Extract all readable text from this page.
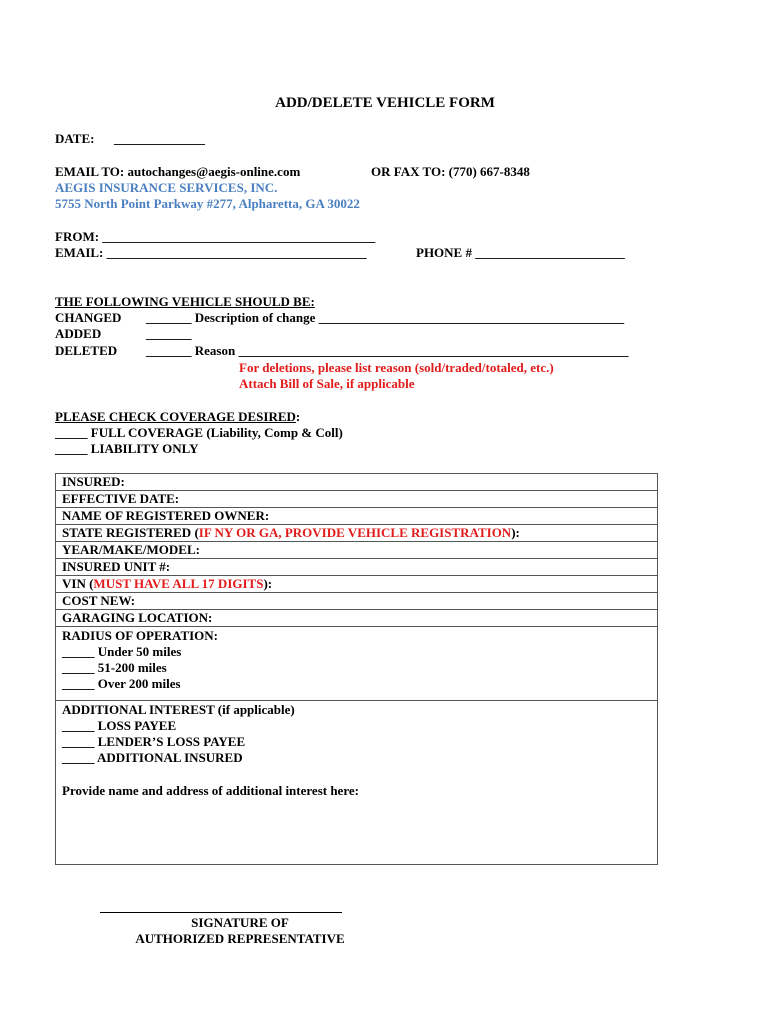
ADD/DELETE VEHICLE FORM
DATE: ______________
EMAIL TO: autochanges@aegis-online.com	OR FAX TO: (770) 667-8348
AEGIS INSURANCE SERVICES, INC.
5755 North Point Parkway #277, Alpharetta, GA 30022
FROM: __________________________________________
EMAIL: ________________________________________	PHONE # _______________________
THE FOLLOWING VEHICLE SHOULD BE:
CHANGED
ADDED
DELETED
_______ Description of change _______________________________________________
_______
_______ Reason ____________________________________________________________
For deletions, please list reason (sold/traded/totaled, etc.)
Attach Bill of Sale, if applicable
PLEASE CHECK COVERAGE DESIRED:
_____ FULL COVERAGE (Liability, Comp & Coll)
_____ LIABILITY ONLY
INSURED:
EFFECTIVE DATE:
NAME OF REGISTERED OWNER:
STATE REGISTERED (IF NY OR GA, PROVIDE VEHICLE REGISTRATION):
YEAR/MAKE/MODEL:
INSURED UNIT #:
VIN (MUST HAVE ALL 17 DIGITS):
COST NEW:
GARAGING LOCATION:
RADIUS OF OPERATION:
_____ Under 50 miles
_____ 51-200 miles
_____ Over 200 miles
ADDITIONAL INTEREST (if applicable)
_____ LOSS PAYEE
_____ LENDER’S LOSS PAYEE
_____ ADDITIONAL INSURED
Provide name and address of additional interest here:
SIGNATURE OF
AUTHORIZED REPRESENTATIVE
